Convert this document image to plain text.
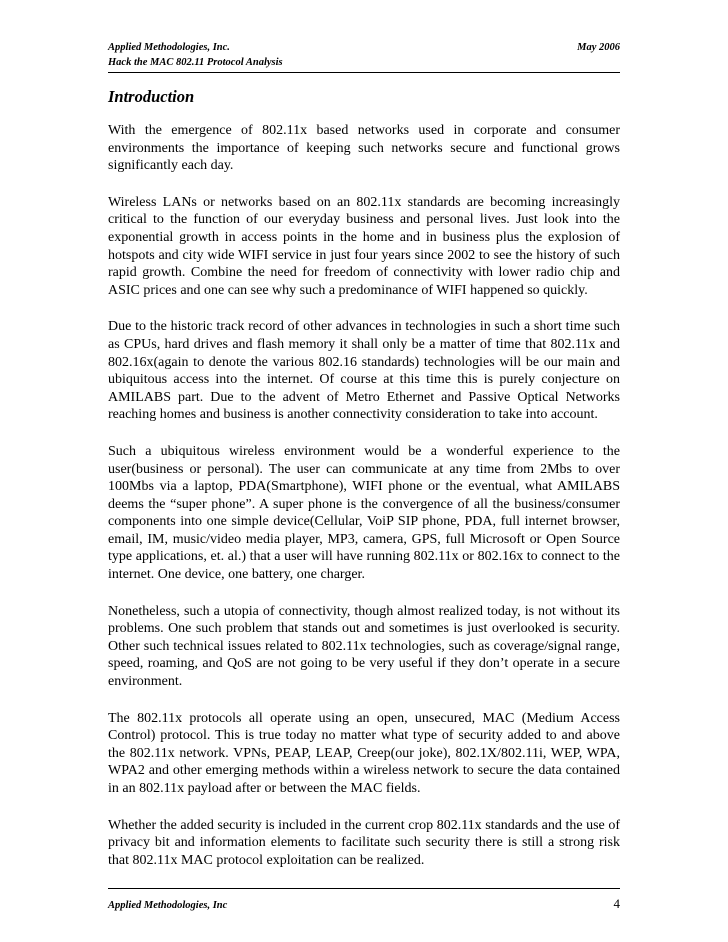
Applied Methodologies, Inc.	May 2006
Hack the MAC 802.11 Protocol Analysis
Introduction

With the emergence of 802.11x based networks used in corporate and consumer environments the importance of keeping such networks secure and functional grows significantly each day.

Wireless LANs or networks based on an 802.11x standards are becoming increasingly critical to the function of our everyday business and personal lives. Just look into the exponential growth in access points in the home and in business plus the explosion of hotspots and city wide WIFI service in just four years since 2002 to see the history of such rapid growth. Combine the need for freedom of connectivity with lower radio chip and ASIC prices and one can see why such a predominance of WIFI happened so quickly.

Due to the historic track record of other advances in technologies in such a short time such as CPUs, hard drives and flash memory it shall only be a matter of time that 802.11x and 802.16x(again to denote the various 802.16 standards) technologies will be our main and ubiquitous access into the internet. Of course at this time this is purely conjecture on AMILABS part. Due to the advent of Metro Ethernet and Passive Optical Networks reaching homes and business is another connectivity consideration to take into account.

Such a ubiquitous wireless environment would be a wonderful experience to the user(business or personal). The user can communicate at any time from 2Mbs to over 100Mbs via a laptop, PDA(Smartphone), WIFI phone or the eventual, what AMILABS deems the “super phone”. A super phone is the convergence of all the business/consumer components into one simple device(Cellular, VoiP SIP phone, PDA, full internet browser, email, IM, music/video media player, MP3, camera, GPS, full Microsoft or Open Source type applications, et. al.) that a user will have running 802.11x or 802.16x to connect to the internet. One device, one battery, one charger.

Nonetheless, such a utopia of connectivity, though almost realized today, is not without its problems. One such problem that stands out and sometimes is just overlooked is security. Other such technical issues related to 802.11x technologies, such as coverage/signal range, speed, roaming, and QoS are not going to be very useful if they don’t operate in a secure environment.

The 802.11x protocols all operate using an open, unsecured, MAC (Medium Access Control) protocol. This is true today no matter what type of security added to and above the 802.11x network. VPNs, PEAP, LEAP, Creep(our joke), 802.1X/802.11i, WEP, WPA, WPA2 and other emerging methods within a wireless network to secure the data contained in an 802.11x payload after or between the MAC fields.

Whether the added security is included in the current crop 802.11x standards and the use of privacy bit and information elements to facilitate such security there is still a strong risk that 802.11x MAC protocol exploitation can be realized.

Applied Methodologies, Inc	4
